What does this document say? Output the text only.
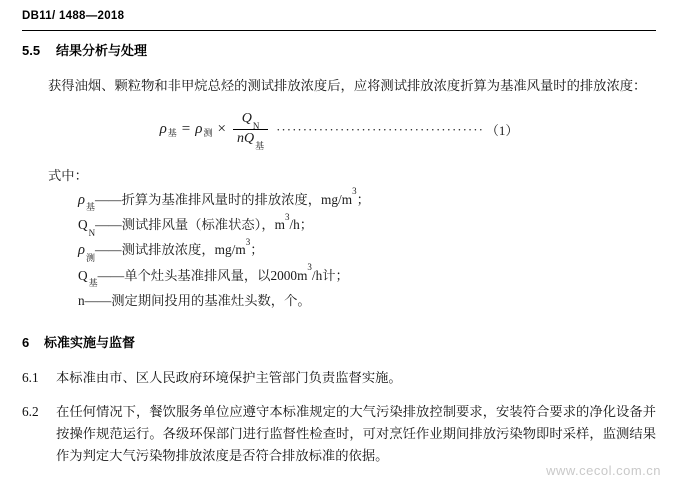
DB11/ 1488—2018
5.5 结果分析与处理
获得油烟、颗粒物和非甲烷总烃的测试排放浓度后，应将测试排放浓度折算为基准风量时的排放浓度：
ρ 基 = ρ 测 × $\frac{Q_N}{nQ_基}$ ······································· （1）
式中：
$\rho_基——$折算为基准排风量时的排放浓度，$mg/m^3$；
$Q_N——$测试排风量（标准状态），$m^3/h$；
$\rho_测——$测试排放浓度，$mg/m^3$；
$Q_基——$单个灶头基准排风量，以$2000m^3/h$计；
n——测定期间投用的基准灶头数，个。
6 标准实施与监督
6.1 本标准由市、区人民政府环境保护主管部门负责监督实施。
6.2 在任何情况下，餐饮服务单位应遵守本标准规定的大气污染排放控制要求，安装符合要求的净化设备并按操作规范运行。各级环保部门进行监督性检查时，可对烹饪作业期间排放污染物即时采样，监测结果作为判定大气污染物排放浓度是否符合排放标准的依据。
www.cecol.com.cn
